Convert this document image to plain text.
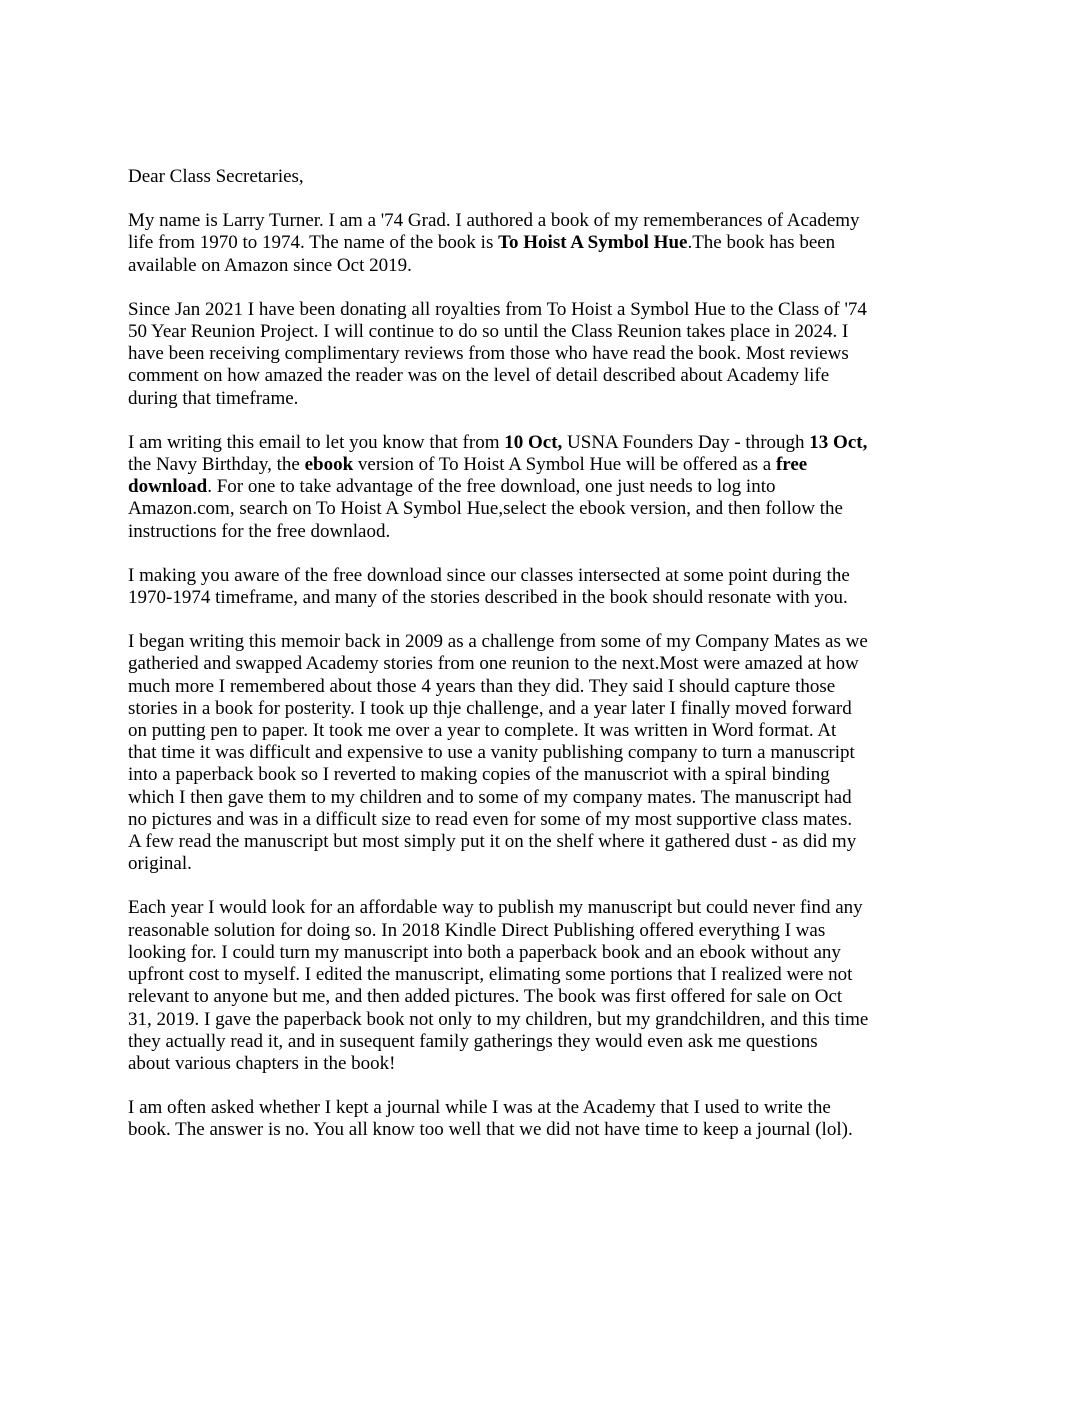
Dear Class Secretaries,

My name is Larry Turner. I am a '74 Grad. I authored a book of my rememberances of Academy
life from 1970 to 1974. The name of the book is To Hoist A Symbol Hue.The book has been
available on Amazon since Oct 2019.

Since Jan 2021 I have been donating all royalties from To Hoist a Symbol Hue to the Class of '74
50 Year Reunion Project. I will continue to do so until the Class Reunion takes place in 2024. I
have been receiving complimentary reviews from those who have read the book. Most reviews
comment on how amazed the reader was on the level of detail described about Academy life
during that timeframe.

I am writing this email to let you know that from 10 Oct, USNA Founders Day - through 13 Oct,
the Navy Birthday, the ebook version of To Hoist A Symbol Hue will be offered as a free
download. For one to take advantage of the free download, one just needs to log into
Amazon.com, search on To Hoist A Symbol Hue,select the ebook version, and then follow the
instructions for the free downlaod.

I making you aware of the free download since our classes intersected at some point during the
1970-1974 timeframe, and many of the stories described in the book should resonate with you.

I began writing this memoir back in 2009 as a challenge from some of my Company Mates as we
gatheried and swapped Academy stories from one reunion to the next.Most were amazed at how
much more I remembered about those 4 years than they did. They said I should capture those
stories in a book for posterity. I took up thje challenge, and a year later I finally moved forward
on putting pen to paper. It took me over a year to complete. It was written in Word format. At
that time it was difficult and expensive to use a vanity publishing company to turn a manuscript
into a paperback book so I reverted to making copies of the manuscriot with a spiral binding
which I then gave them to my children and to some of my company mates. The manuscript had
no pictures and was in a difficult size to read even for some of my most supportive class mates.
A few read the manuscript but most simply put it on the shelf where it gathered dust - as did my
original.

Each year I would look for an affordable way to publish my manuscript but could never find any
reasonable solution for doing so. In 2018 Kindle Direct Publishing offered everything I was
looking for. I could turn my manuscript into both a paperback book and an ebook without any
upfront cost to myself. I edited the manuscript, elimating some portions that I realized were not
relevant to anyone but me, and then added pictures. The book was first offered for sale on Oct
31, 2019. I gave the paperback book not only to my children, but my grandchildren, and this time
they actually read it, and in susequent family gatherings they would even ask me questions
about various chapters in the book!

I am often asked whether I kept a journal while I was at the Academy that I used to write the
book. The answer is no. You all know too well that we did not have time to keep a journal (lol).
